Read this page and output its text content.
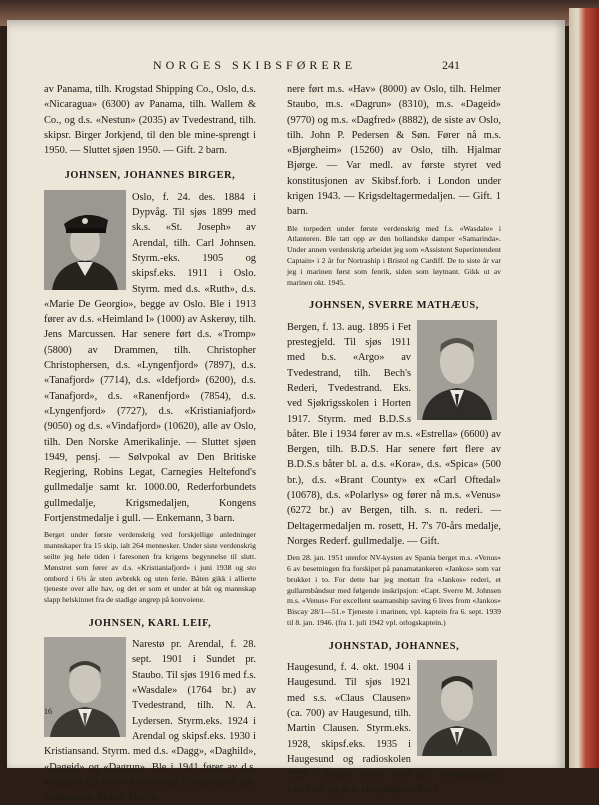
NORGES SKIBSFØRERE	241

av Panama, tilh. Krogstad Shipping Co., Oslo, d.s. «Nicaragua» (6300) av Panama, tilh. Wallem & Co., og d.s. «Nestun» (2035) av Tvedestrand, tilh. skipsr. Birger Jorkjend, til den ble mine-sprengt i 1950. — Sluttet sjøen 1950. — Gift. 2 barn.

JOHNSEN, JOHANNES BIRGER,

Oslo, f. 24. des. 1884 i Dypvåg. Til sjøs 1899 med sk.s. «St. Joseph» av Arendal, tilh. Carl Johnsen. Styrm.-eks. 1905 og skipsf.eks. 1911 i Oslo. Styrm. med d.s. «Ruth», d.s. «Marie De Georgio», begge av Oslo. Ble i 1913 fører av d.s. «Heimland I» (1000) av Askerøy, tilh. Jens Marcussen. Har senere ført d.s. «Tromp» (5800) av Drammen, tilh. Christopher Christophersen, d.s. «Lyngenfjord» (7897), d.s. «Tanafjord» (7714), d.s. «Idefjord» (6200), d.s. «Tanafjord», d.s. «Ranenfjord» (7854), d.s. «Lyngenfjord» (7727), d.s. «Kristianiafjord» (9050) og d.s. «Vindafjord» (10620), alle av Oslo, tilh. Den Norske Amerikalinje. — Sluttet sjøen 1949, pensj. — Sølvpokal av Den Britiske Regjering, Robins Legat, Carnegies Heltefond's gullmedalje samt kr. 1000.00, Rederforbundets gullmedalje, Krigsmedaljen, Kongens Fortjenstmedalje i gull. — Enkemann, 3 barn.

Berget under første verdenskrig ved forskjellige anledninger mannskaper fra 15 skip, ialt 264 mennesker. Under siste verdenskrig seilte jeg hele tiden i faresonen fra krigens begynnelse til slutt. Mønstret som fører av d.s. «Kristianiafjord» i juni 1938 og sto ombord i 6¾ år uten avbrekk og uten ferie. Båten gikk i allierte tjeneste over alle hav, og det er som et under at båt og mannskap slapp helskinnet fra de stadige angrep på konvoiene.

JOHNSEN, KARL LEIF,

Narestø pr. Arendal, f. 28. sept. 1901 i Sundet pr. Staubo. Til sjøs 1916 med f.s. «Wasdale» (1764 br.) av Tvedestrand, tilh. N. A. Lydersen. Styrm.eks. 1924 i Arendal og skipsf.eks. 1930 i Kristiansand. Styrm. med d.s. «Dagg», «Daghild», «Dageid» og «Dagrun». Ble i 1941 fører av d.s. «Audun» (2100) av Askerøya pr. Tvedestrand, tilh. Markussens Rederi. Har se-

nere ført m.s. «Hav» (8000) av Oslo, tilh. Helmer Staubo, m.s. «Dagrun» (8310), m.s. «Dageid» (9770) og m.s. «Dagfred» (8882), de siste av Oslo, tilh. John P. Pedersen & Søn. Fører nå m.s. «Bjørgheim» (15260) av Oslo, tilh. Hjalmar Bjørge. — Var medl. av første styret ved konstitusjonen av Skibsf.forb. i London under krigen 1943. — Krigsdeltagermedaljen. — Gift. 1 barn.

Ble torpedert under første verdenskrig med f.s. «Wasdale» i Atlanteren. Ble tatt opp av den hollandske damper «Samarinda». Under annen verdenskrig arbeidet jeg som «Assistent Superintendent Captain» i 2 år for Nortraship i Bristol og Cardiff. De to siste år var jeg i marinen først som fenrik, siden som løytnant. Gikk ut av marinen okt. 1945.

JOHNSEN, SVERRE MATHÆUS,

Bergen, f. 13. aug. 1895 i Fet prestegjeld. Til sjøs 1911 med b.s. «Argo» av Tvedestrand, tilh. Bech's Rederi, Tvedestrand. Eks. ved Sjøkrigsskolen i Horten 1917. Styrm. med B.D.S.s båter. Ble i 1934 fører av m.s. «Estrella» (6600) av Bergen, tilh. B.D.S. Har senere ført flere av B.D.S.s båter bl. a. d.s. «Kora», d.s. «Spica» (500 br.), d.s. «Brant County» ex «Carl Oftedal» (10678), d.s. «Polarlys» og fører nå m.s. «Venus» (6272 br.) av Bergen, tilh. s. n. rederi. — Deltagermedaljen m. rosett, H. 7's 70-års medalje, Norges Rederf. gullmedalje. — Gift.

Den 28. jan. 1951 utenfor NV-kysten av Spania berget m.s. «Venus» 6 av besetningen fra forskipet på panamatankeren «Jankos» som var brukket i to. For dette har jeg mottatt fra «Jankos» rederi, et gullarmbåndsur med følgende inskripsjon: «Capt. Sverre M. Johnsen m.s. «Venus» For excellent seamanship saving 6 lives from «Jankos» Biscay 28/1—51.» Tjeneste i marinen, vpl. kaptein fra 6. sept. 1939 til 8. jan. 1946. (fra 1. juli 1942 vpl. orlogskaptein.)

JOHNSTAD, JOHANNES,

Haugesund, f. 4. okt. 1904 i Haugesund. Til sjøs 1921 med s.s. «Claus Clausen» (ca. 700) av Haugesund, tilh. Martin Clausen. Styrm.eks. 1928, skipsf.eks. 1935 i Haugesund og radioskolen 1929 i Bergen. Styrm. med m.s. «Brandanger», s.s.«Liv» og m.s. «Høyanger». Ble i

16
